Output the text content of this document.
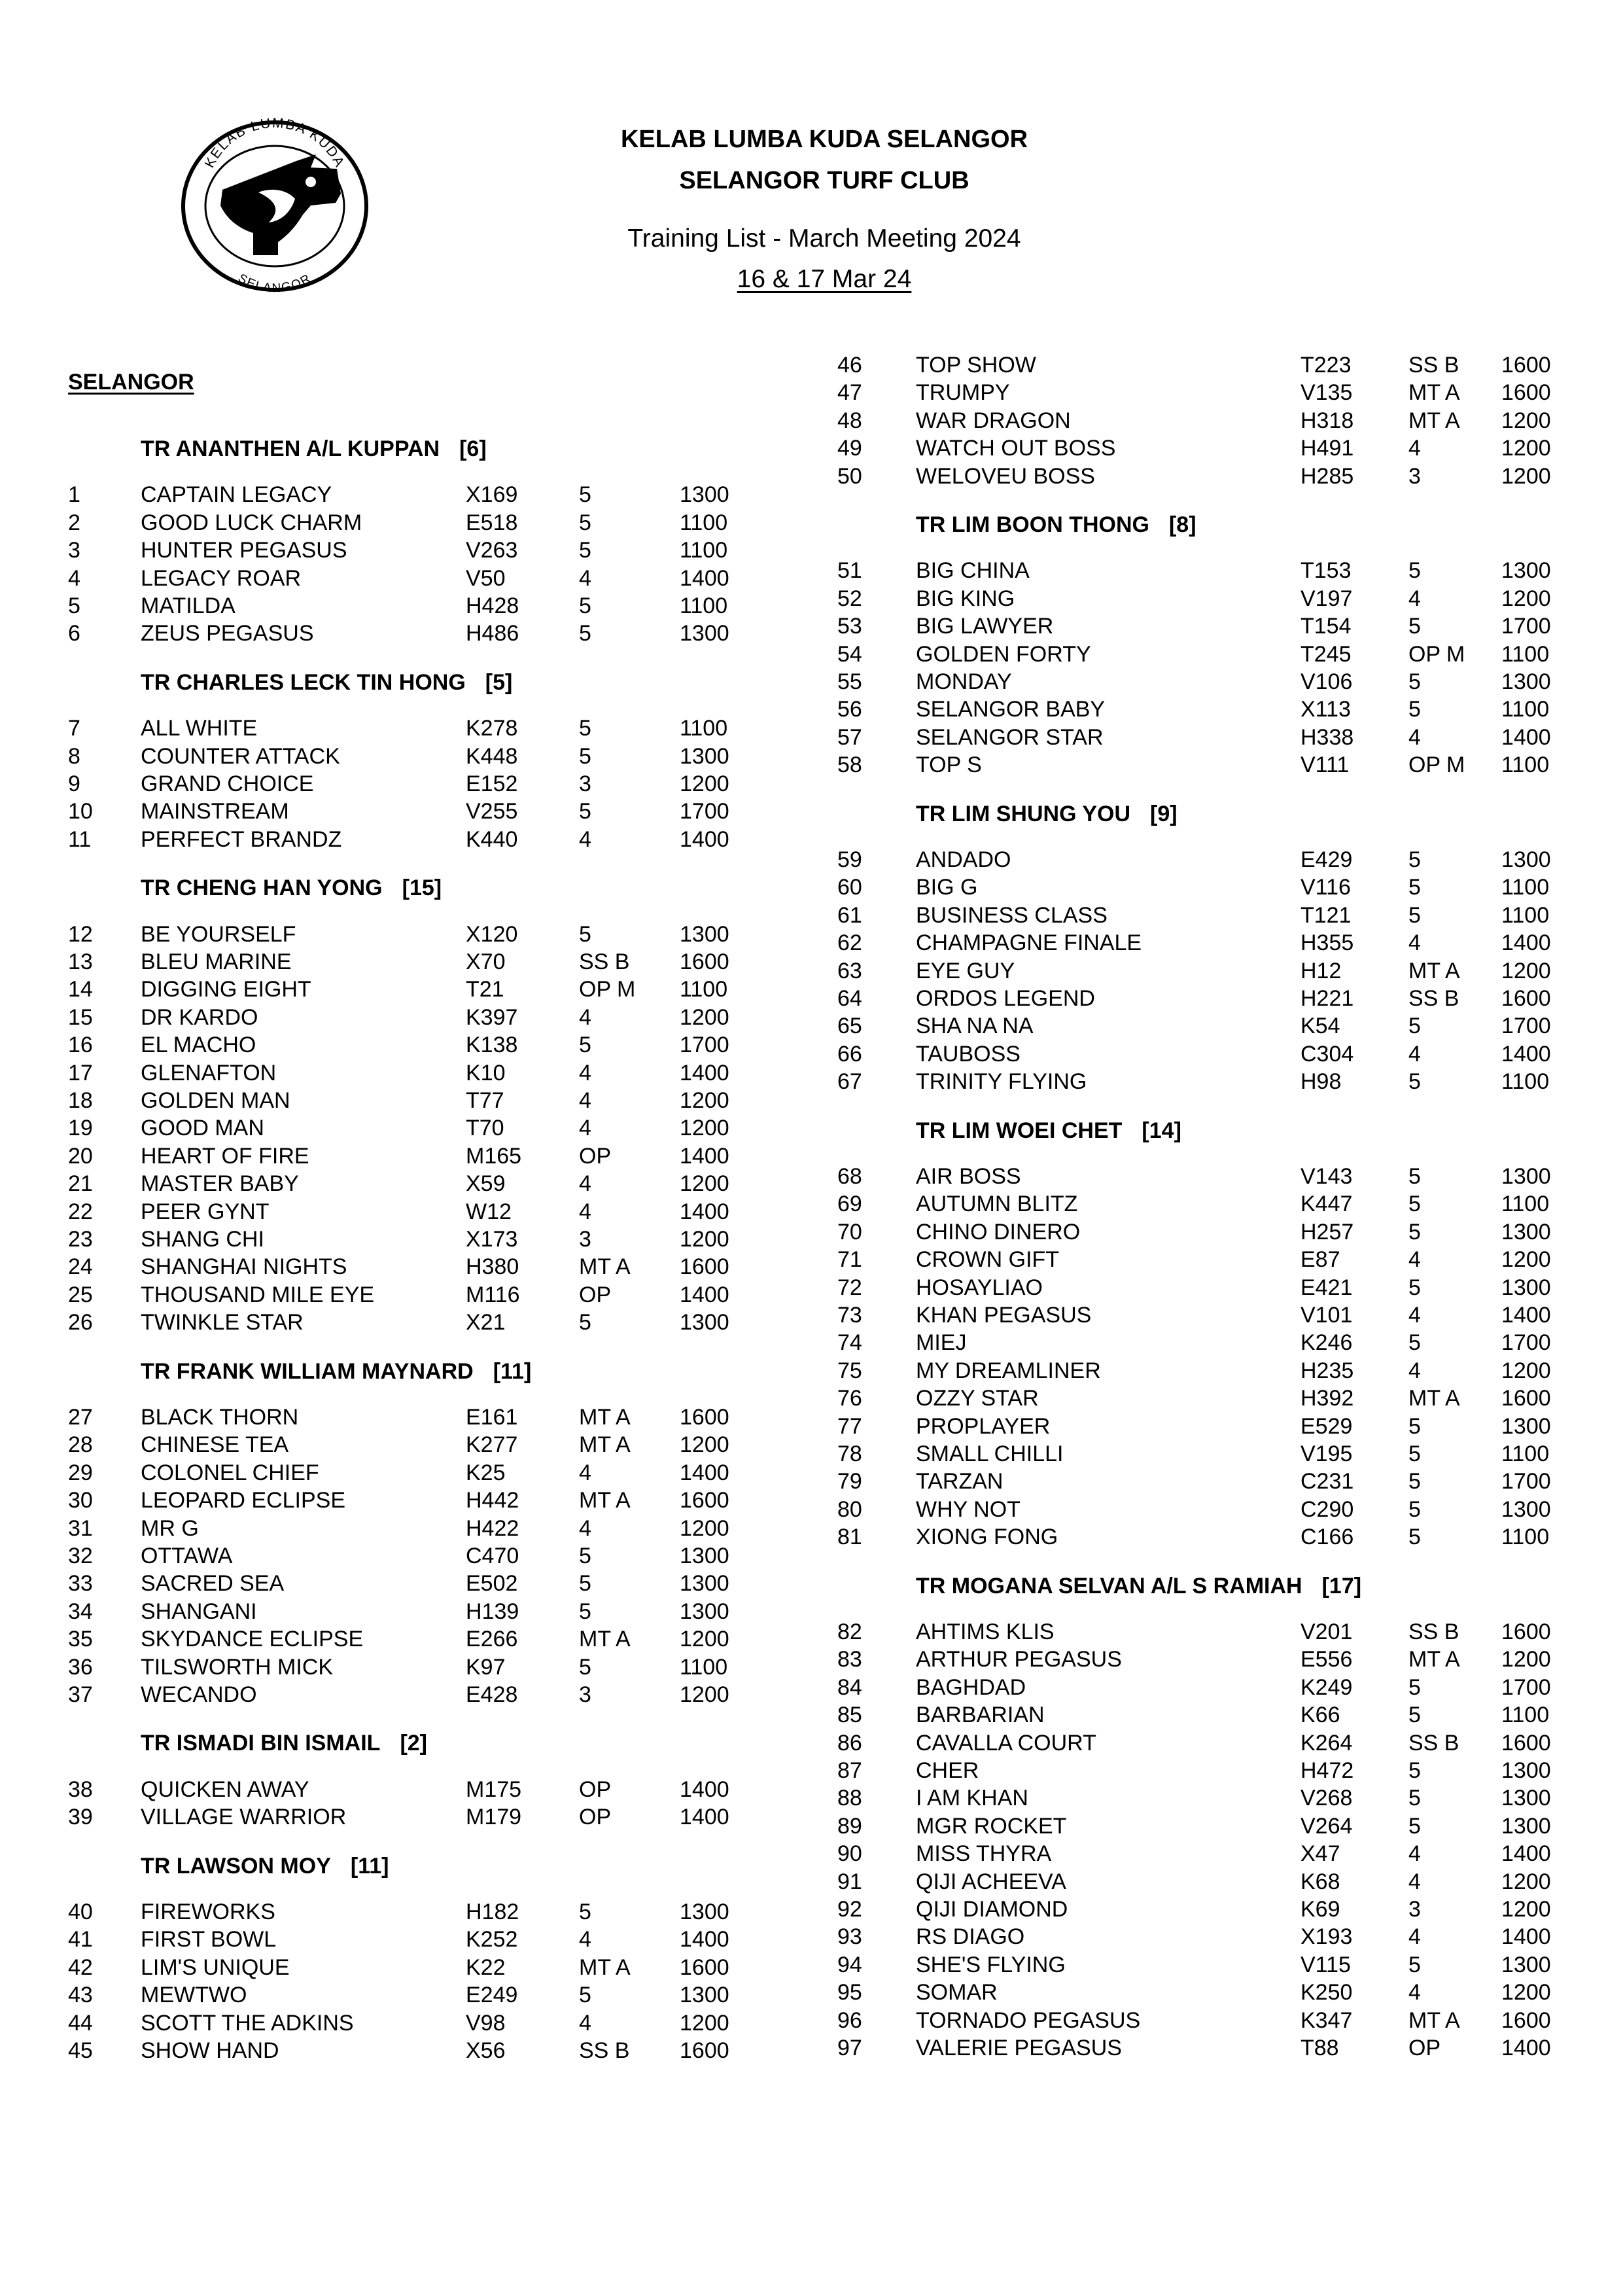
KELAB LUMBA KUDA
SELANGOR
KELAB LUMBA KUDA SELANGOR
SELANGOR TURF CLUB
Training List - March Meeting 2024
16 & 17 Mar 24
SELANGOR
TR ANANTHEN A/L KUPPAN [6]
1	CAPTAIN LEGACY	X169	5	1300
2	GOOD LUCK CHARM	E518	5	1100
3	HUNTER PEGASUS	V263	5	1100
4	LEGACY ROAR	V50	4	1400
5	MATILDA	H428	5	1100
6	ZEUS PEGASUS	H486	5	1300
TR CHARLES LECK TIN HONG [5]
7	ALL WHITE	K278	5	1100
8	COUNTER ATTACK	K448	5	1300
9	GRAND CHOICE	E152	3	1200
10 MAINSTREAM	V255	5	1700
11 PERFECT BRANDZ	K440	4	1400
TR CHENG HAN YONG [15]
12 BE YOURSELF	X120	5	1300
13 BLEU MARINE	X70	SS B 1600
14 DIGGING EIGHT	T21	OP M 1100
15 DR KARDO	K397	4	1200
16 EL MACHO	K138	5	1700
17 GLENAFTON	K10	4	1400
18 GOLDEN MAN	T77	4	1200
19 GOOD MAN	T70	4	1200
20 HEART OF FIRE	M165	OP	1400
21 MASTER BABY	X59	4	1200
22 PEER GYNT	W12	4	1400
23 SHANG CHI	X173	3	1200
24 SHANGHAI NIGHTS	H380	MT A 1600
25 THOUSAND MILE EYE	M116	OP	1400
26 TWINKLE STAR	X21	5	1300
TR FRANK WILLIAM MAYNARD [11]
27 BLACK THORN	E161	MT A 1600
28 CHINESE TEA	K277	MT A 1200
29 COLONEL CHIEF	K25	4	1400
30 LEOPARD ECLIPSE	H442	MT A 1600
31 MR G	H422	4	1200
32 OTTAWA	C470	5	1300
33 SACRED SEA	E502	5	1300
34 SHANGANI	H139	5	1300
35 SKYDANCE ECLIPSE	E266	MT A 1200
36 TILSWORTH MICK	K97	5	1100
37 WECANDO	E428	3	1200
TR ISMADI BIN ISMAIL [2]
38 QUICKEN AWAY	M175	OP	1400
39 VILLAGE WARRIOR	M179	OP	1400
TR LAWSON MOY [11]
40 FIREWORKS	H182	5	1300
41 FIRST BOWL	K252	4	1400
42 LIM'S UNIQUE	K22	MT A 1600
43 MEWTWO	E249	5	1300
44 SCOTT THE ADKINS	V98	4	1200
45 SHOW HAND	X56	SS B 1600
46 TOP SHOW	T223	SS B 1600
47 TRUMPY	V135	MT A 1600
48 WAR DRAGON	H318 MT A 1200
49 WATCH OUT BOSS	H491 4	1200
50 WELOVEU BOSS	H285 3	1200
TR LIM BOON THONG [8]
51 BIG CHINA	T153	5	1300
52 BIG KING	V197	4	1200
53 BIG LAWYER	T154	5	1700
54 GOLDEN FORTY	T245	OP M 1100
55 MONDAY	V106	5	1300
56 SELANGOR BABY	X113	5	1100
57 SELANGOR STAR	H338 4	1400
58 TOP S	V111	OP M 1100
TR LIM SHUNG YOU [9]
59 ANDADO	E429	5	1300
60 BIG G	V116	5	1100
61 BUSINESS CLASS	T121	5	1100
62 CHAMPAGNE FINALE	H355 4	1400
63 EYE GUY	H12	MT A 1200
64 ORDOS LEGEND	H221 SS B 1600
65 SHA NA NA	K54	5	1700
66 TAUBOSS	C304 4	1400
67 TRINITY FLYING	H98	5	1100
TR LIM WOEI CHET [14]
68 AIR BOSS	V143	5	1300
69 AUTUMN BLITZ	K447	5	1100
70 CHINO DINERO	H257 5	1300
71 CROWN GIFT	E87	4	1200
72 HOSAYLIAO	E421	5	1300
73 KHAN PEGASUS	V101	4	1400
74 MIEJ	K246	5	1700
75 MY DREAMLINER	H235 4	1200
76 OZZY STAR	H392 MT A 1600
77 PROPLAYER	E529	5	1300
78 SMALL CHILLI	V195	5	1100
79 TARZAN	C231 5	1700
80 WHY NOT	C290 5	1300
81 XIONG FONG	C166 5	1100
TR MOGANA SELVAN A/L S RAMIAH [17]
82 AHTIMS KLIS	V201	SS B 1600
83 ARTHUR PEGASUS	E556	MT A 1200
84 BAGHDAD	K249	5	1700
85 BARBARIAN	K66	5	1100
86 CAVALLA COURT	K264	SS B 1600
87 CHER	H472 5	1300
88 I AM KHAN	V268	5	1300
89 MGR ROCKET	V264	5	1300
90 MISS THYRA	X47	4	1400
91 QIJI ACHEEVA	K68	4	1200
92 QIJI DIAMOND	K69	3	1200
93 RS DIAGO	X193	4	1400
94 SHE'S FLYING	V115	5	1300
95 SOMAR	K250	4	1200
96 TORNADO PEGASUS	K347	MT A 1600
97 VALERIE PEGASUS	T88	OP	1400
